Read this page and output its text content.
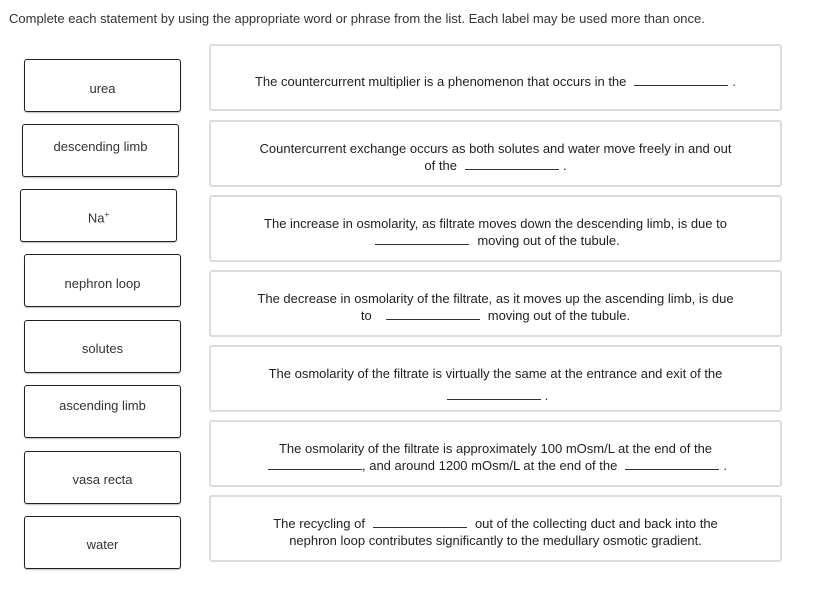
Complete each statement by using the appropriate word or phrase from the list. Each label may be used more than once.
urea
descending limb
Na+
nephron loop
solutes
ascending limb
vasa recta
water
The countercurrent multiplier is a phenomenon that occurs in the	.
Countercurrent exchange occurs as both solutes and water move freely in and out
of the	.
The increase in osmolarity, as filtrate moves down the descending limb, is due to
moving out of the tubule.
The decrease in osmolarity of the filtrate, as it moves up the ascending limb, is due
to	moving out of the tubule.
The osmolarity of the filtrate is virtually the same at the entrance and exit of the
.
The osmolarity of the filtrate is approximately 100 mOsm/L at the end of the
, and around 1200 mOsm/L at the end of the	.
The recycling of	out of the collecting duct and back into the
nephron loop contributes significantly to the medullary osmotic gradient.
